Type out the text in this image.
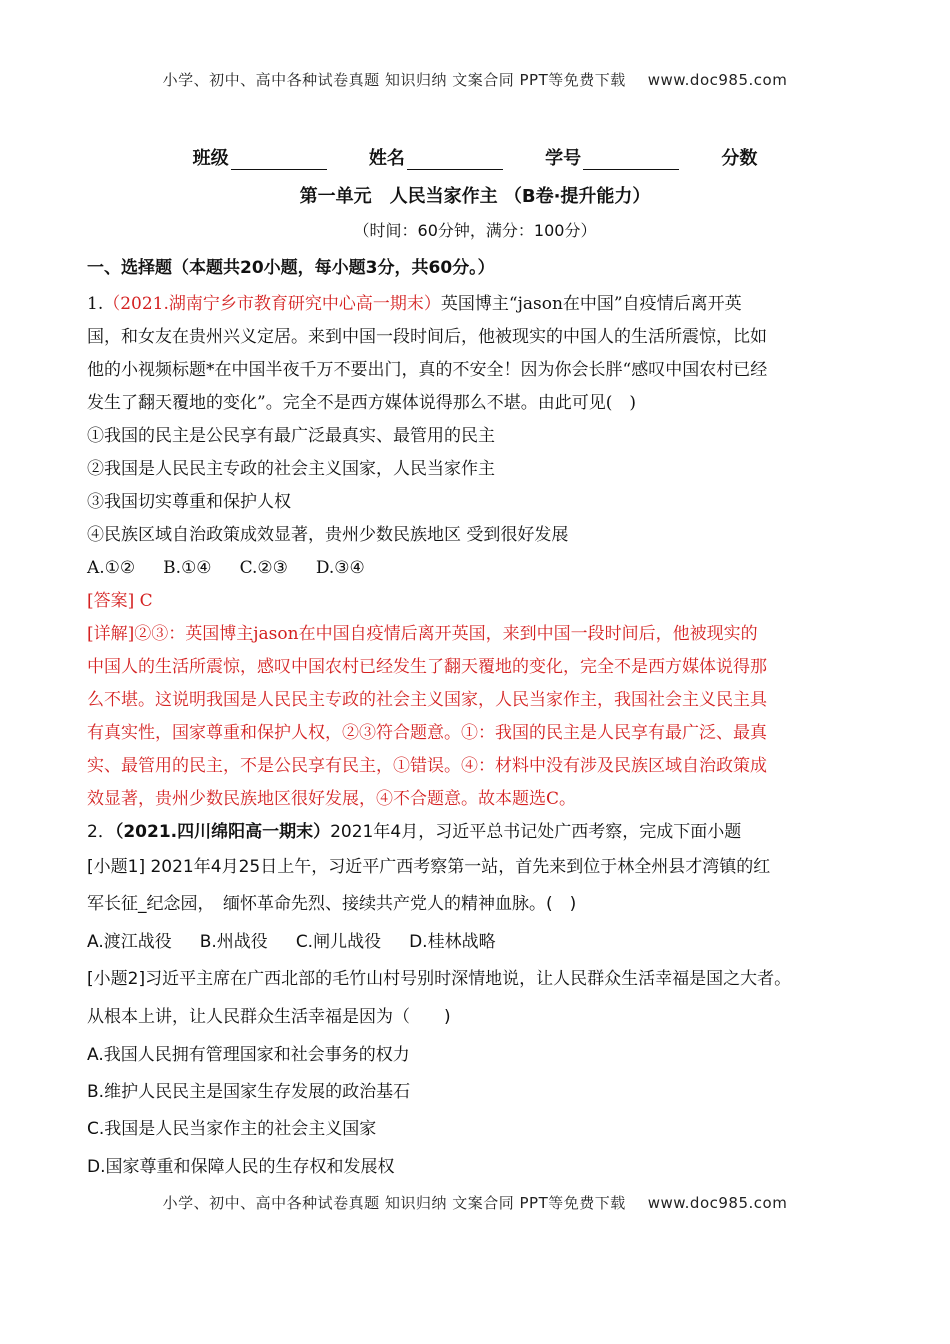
小学、初中、高中各种试卷真题 知识归纳 文案合同 PPT等免费下载 www.doc985.com
班级	姓名	学号	分数
第一单元　人民当家作主 （B卷·提升能力）
（时间：60分钟，满分：100分）
一、选择题（本题共20小题，每小题3分，共60分。）
1.（2021.湖南宁乡市教育研究中心高一期末）英国博主“jason在中国”自疫情后离开英
国，和女友在贵州兴义定居。来到中国一段时间后，他被现实的中国人的生活所震惊，比如
他的小视频标题*在中国半夜千万不要出门，真的不安全！因为你会长胖“感叹中国农村已经
发生了翻天覆地的变化”。完全不是西方媒体说得那么不堪。由此可见(　)
①我国的民主是公民享有最广泛最真实、最管用的民主
②我国是人民民主专政的社会主义国家，人民当家作主
③我国切实尊重和保护人权
④民族区域自治政策成效显著，贵州少数民族地区 受到很好发展
A.①② B.①④ C.②③ D.③④
[答案] C
[详解]②③：英国博主jason在中国自疫情后离开英国，来到中国一段时间后，他被现实的
中国人的生活所震惊，感叹中国农村已经发生了翻天覆地的变化，完全不是西方媒体说得那
么不堪。这说明我国是人民民主专政的社会主义国家，人民当家作主，我国社会主义民主具
有真实性，国家尊重和保护人权，②③符合题意。①：我国的民主是人民享有最广泛、最真
实、最管用的民主，不是公民享有民主，①错误。④：材料中没有涉及民族区域自治政策成
效显著，贵州少数民族地区很好发展，④不合题意。故本题选C。
2．（2021.四川绵阳高一期末）2021年4月，习近平总书记处广西考察，完成下面小题
[小题1] 2021年4月25日上午，习近平广西考察第一站，首先来到位于林全州县才湾镇的红
军长征_纪念园，　缅怀革命先烈、接续共产党人的精神血脉。(　)
A.渡江战役 B.州战役 C.闸儿战役 D.桂林战略
[小题2]习近平主席在广西北部的毛竹山村号别时深情地说，让人民群众生活幸福是国之大者。
从根本上讲，让人民群众生活幸福是因为（　　)
A.我国人民拥有管理国家和社会事务的权力
B.维护人民民主是国家生存发展的政治基石
C.我国是人民当家作主的社会主义国家
D.国家尊重和保障人民的生存权和发展权
小学、初中、高中各种试卷真题 知识归纳 文案合同 PPT等免费下载 www.doc985.com
